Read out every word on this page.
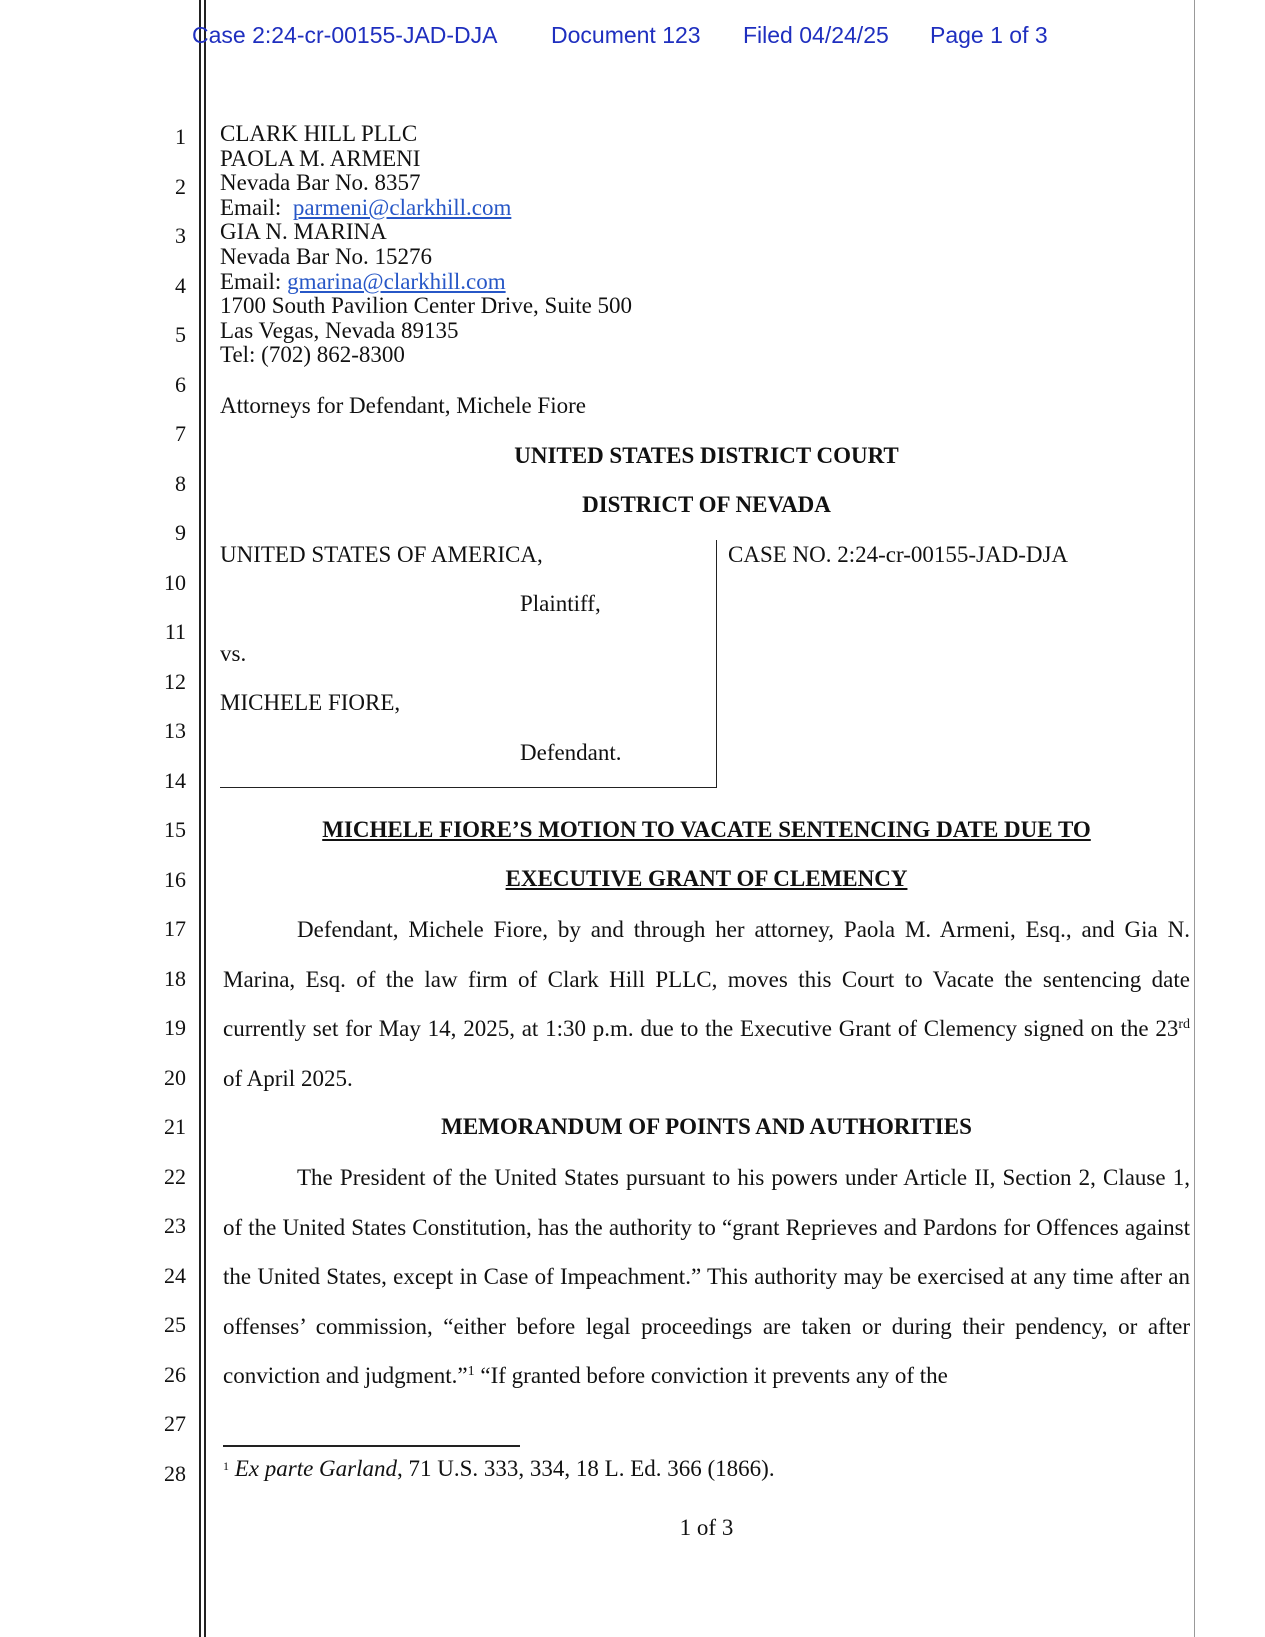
Case 2:24-cr-00155-JAD-DJA Document 123 Filed 04/24/25 Page 1 of 3
1
2
3
4
5
6
7
8
9
10
11
12
13
14
15
16
17
18
19
20
21
22
23
24
25
26
27
28
CLARK HILL PLLC
PAOLA M. ARMENI
Nevada Bar No. 8357
Email: parmeni@clarkhill.com
GIA N. MARINA
Nevada Bar No. 15276
Email: gmarina@clarkhill.com
1700 South Pavilion Center Drive, Suite 500
Las Vegas, Nevada 89135
Tel: (702) 862-8300
Attorneys for Defendant, Michele Fiore
UNITED STATES DISTRICT COURT
DISTRICT OF NEVADA
UNITED STATES OF AMERICA,
Plaintiff,
vs.
MICHELE FIORE,
Defendant.
CASE NO. 2:24-cr-00155-JAD-DJA
MICHELE FIORE’S MOTION TO VACATE SENTENCING DATE DUE TO
EXECUTIVE GRANT OF CLEMENCY
Defendant, Michele Fiore, by and through her attorney, Paola M. Armeni, Esq., and Gia N. Marina, Esq. of the law firm of Clark Hill PLLC, moves this Court to Vacate the sentencing date currently set for May 14, 2025, at 1:30 p.m. due to the Executive Grant of Clemency signed on the 23rd of April 2025.
MEMORANDUM OF POINTS AND AUTHORITIES
The President of the United States pursuant to his powers under Article II, Section 2, Clause 1, of the United States Constitution, has the authority to “grant Reprieves and Pardons for Offences against the United States, except in Case of Impeachment.” This authority may be exercised at any time after an offenses’ commission, “either before legal proceedings are taken or during their pendency, or after conviction and judgment.”$^1$ “If granted before conviction it prevents any of the
$^1$ Ex parte Garland, 71 U.S. 333, 334, 18 L. Ed. 366 (1866).
1 of 3
